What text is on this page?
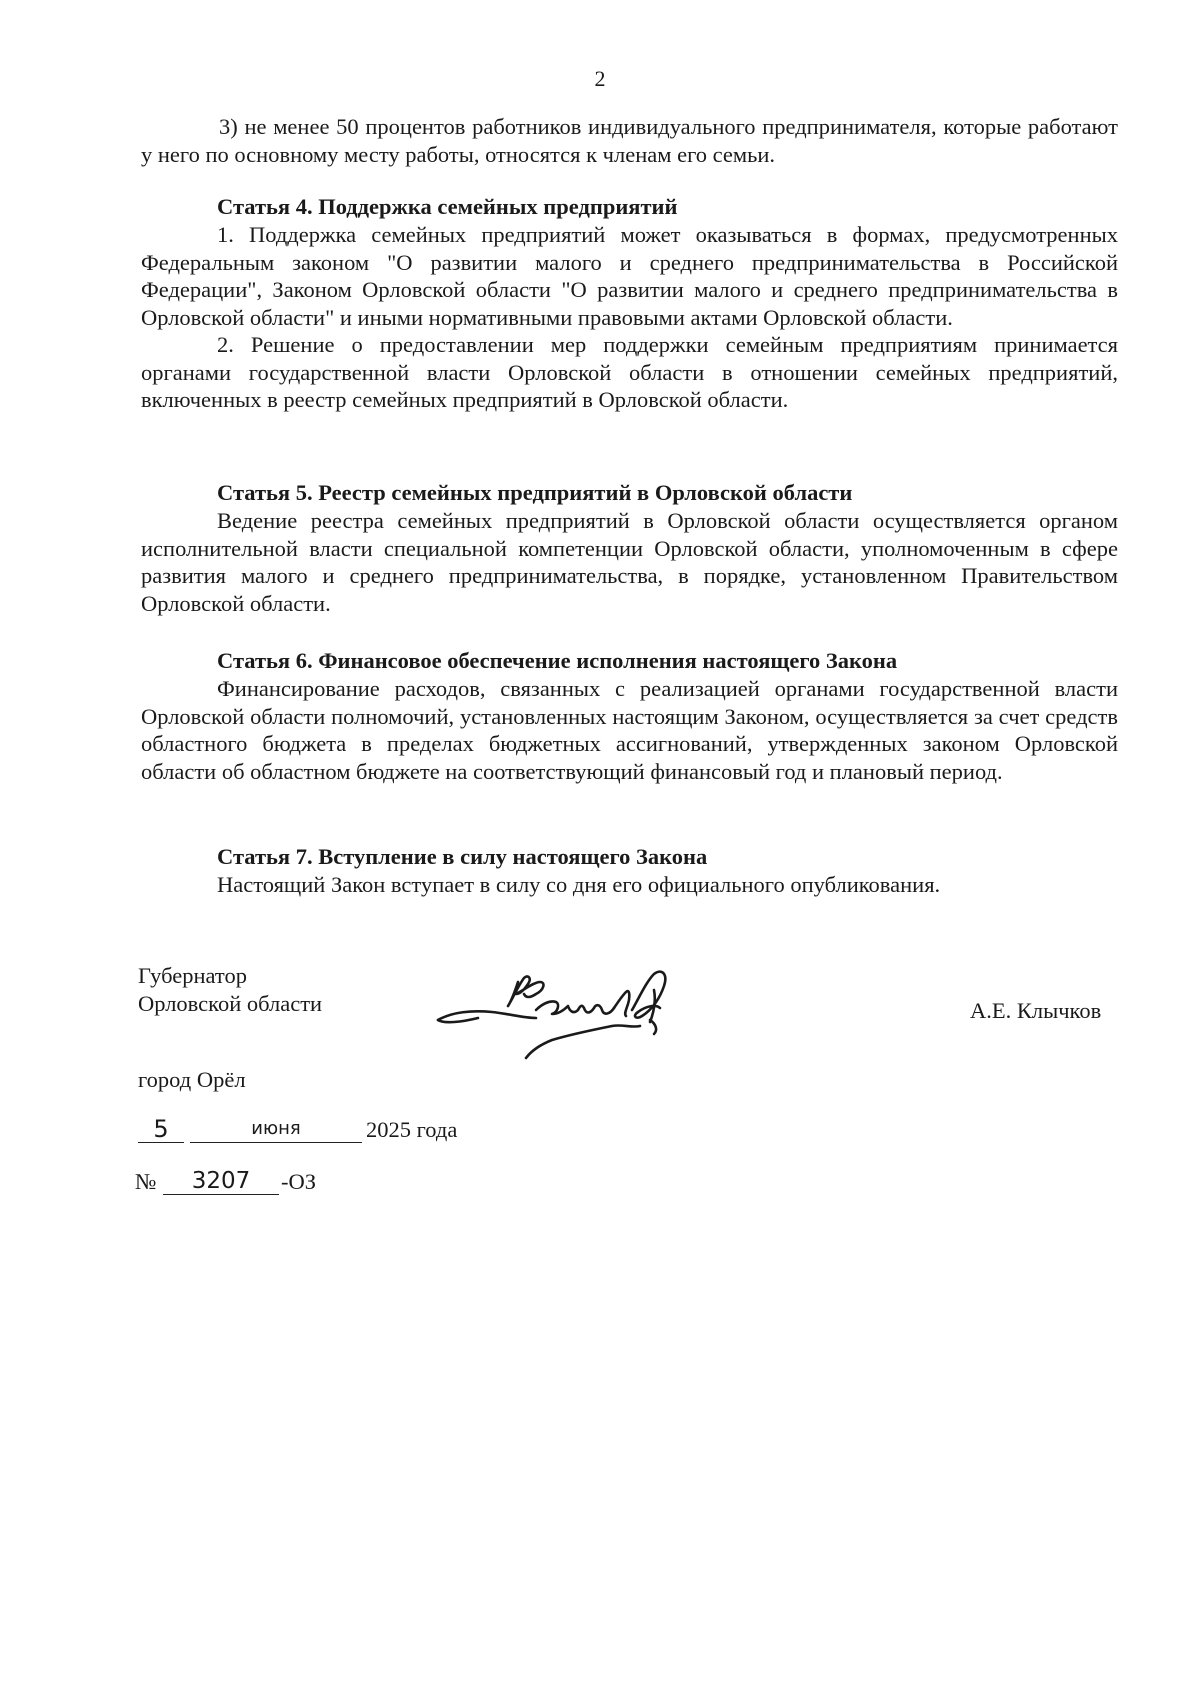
2

3) не менее 50 процентов работников индивидуального предпринимателя, которые работают у него по основному месту работы, относятся к членам его семьи.

Статья 4. Поддержка семейных предприятий

1. Поддержка семейных предприятий может оказываться в формах, предусмотренных Федеральным законом "О развитии малого и среднего предпринимательства в Российской Федерации", Законом Орловской области "О развитии малого и среднего предпринимательства в Орловской области" и иными нормативными правовыми актами Орловской области.

2. Решение о предоставлении мер поддержки семейным предприятиям принимается органами государственной власти Орловской области в отношении семейных предприятий, включенных в реестр семейных предприятий в Орловской области.

Статья 5. Реестр семейных предприятий в Орловской области

Ведение реестра семейных предприятий в Орловской области осуществляется органом исполнительной власти специальной компетенции Орловской области, уполномоченным в сфере развития малого и среднего предпринимательства, в порядке, установленном Правительством Орловской области.

Статья 6. Финансовое обеспечение исполнения настоящего Закона

Финансирование расходов, связанных с реализацией органами государственной власти Орловской области полномочий, установленных настоящим Законом, осуществляется за счет средств областного бюджета в пределах бюджетных ассигнований, утвержденных законом Орловской области об областном бюджете на соответствующий финансовый год и плановый период.

Статья 7. Вступление в силу настоящего Закона

Настоящий Закон вступает в силу со дня его официального опубликования.

Губернатор
Орловской области	А.Е. Клычков
город Орёл
5	июня	2025 года
№	3207	-ОЗ
